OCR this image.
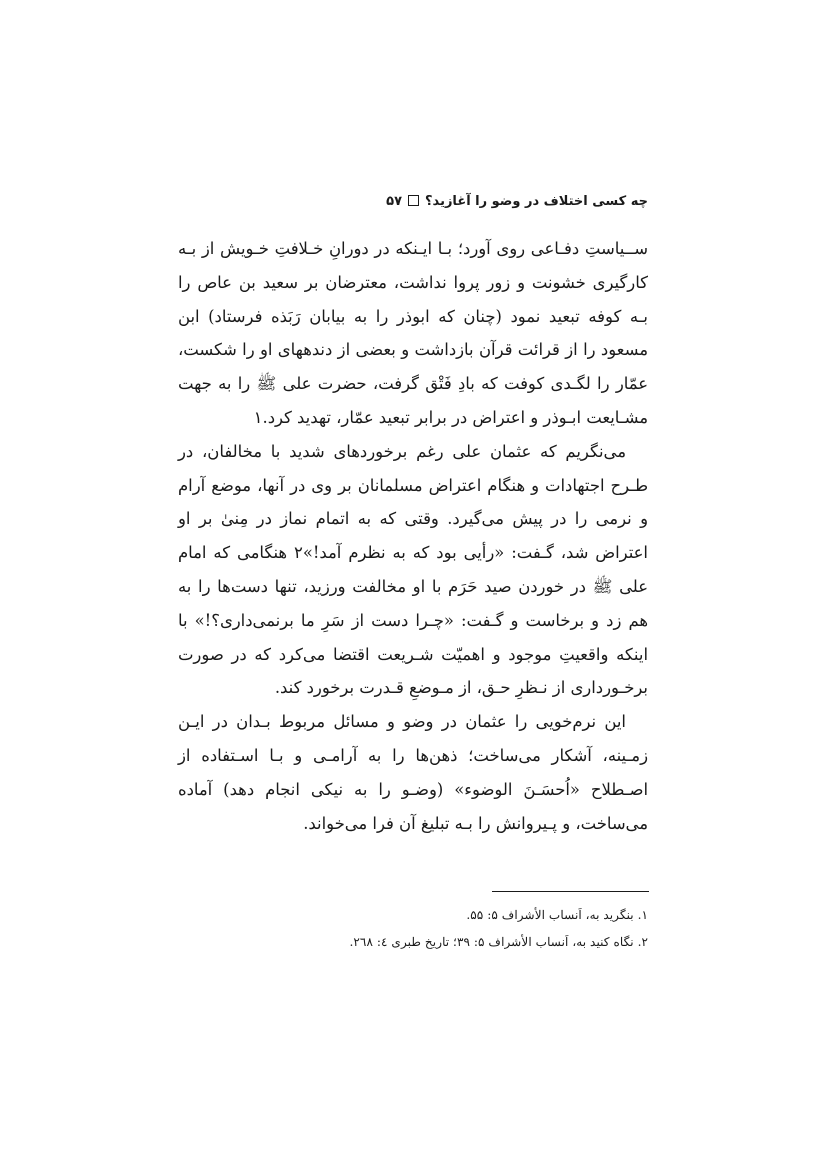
چه کسی اختلاف در وضو را آغازید؟۵۷

ســیاستِ دفـاعی روی آورد؛ بـا ایـنکه در دورانِ خـلافتِ خـویش از بـه کارگیری خشونت و زور پروا نداشت، معترضان بر سعید بن عاص را بـه کوفه تبعید نمود (چنان که ابوذر را به بیابان رَبَذه فرستاد) ابن مسعود را از قرائت قرآن بازداشت و بعضی از دندههای او را شکست، عمّار را لگـدی کوفت که بادِ فَتْق گرفت، حضرت علی ﷺ را به جهت مشـایعت ابـوذر و اعتراض در برابر تبعید عمّار، تهدید کرد.۱

می‌نگریم که عثمان علی رغم برخوردهای شدید با مخالفان، در طـرح اجتهادات و هنگام اعتراض مسلمانان بر وی در آنها، موضع آرام و نرمی را در پیش می‌گیرد. وقتی که به اتمام نماز در مِنیٰ بر او اعتراض شد، گـفت: «رأیی بود که به نظرم آمد!»۲ هنگامی که امام علی ﷺ در خوردن صید حَرَم با او مخالفت ورزید، تنها دست‌ها را به هم زد و برخاست و گـفت: «چـرا دست از سَرِ ما برنمی‌داری؟!» با اینکه واقعیتِ موجود و اهمیّت شـریعت اقتضا می‌کرد که در صورت برخـورداری از نـظرِ حـق، از مـوضعِ قـدرت برخورد کند.

این نرم‌خویی را عثمان در وضو و مسائل مربوط بـدان در ایـن زمـینه، آشکار می‌ساخت؛ ذهن‌ها را به آرامـی و بـا اسـتفاده از اصـطلاح «اُحسَـنَ الوضوء» (وضـو را به نیکی انجام دهد) آماده می‌ساخت، و پـیروانش را بـه تبلیغ آن فرا می‌خواند.

۱. بنگرید به، اَنساب الأشراف ۵: ۵۵.
۲. نگاه کنید به، اَنساب الأشراف ۵: ۳۹؛ تاریخ طبری ٤: ٢٦٨.
